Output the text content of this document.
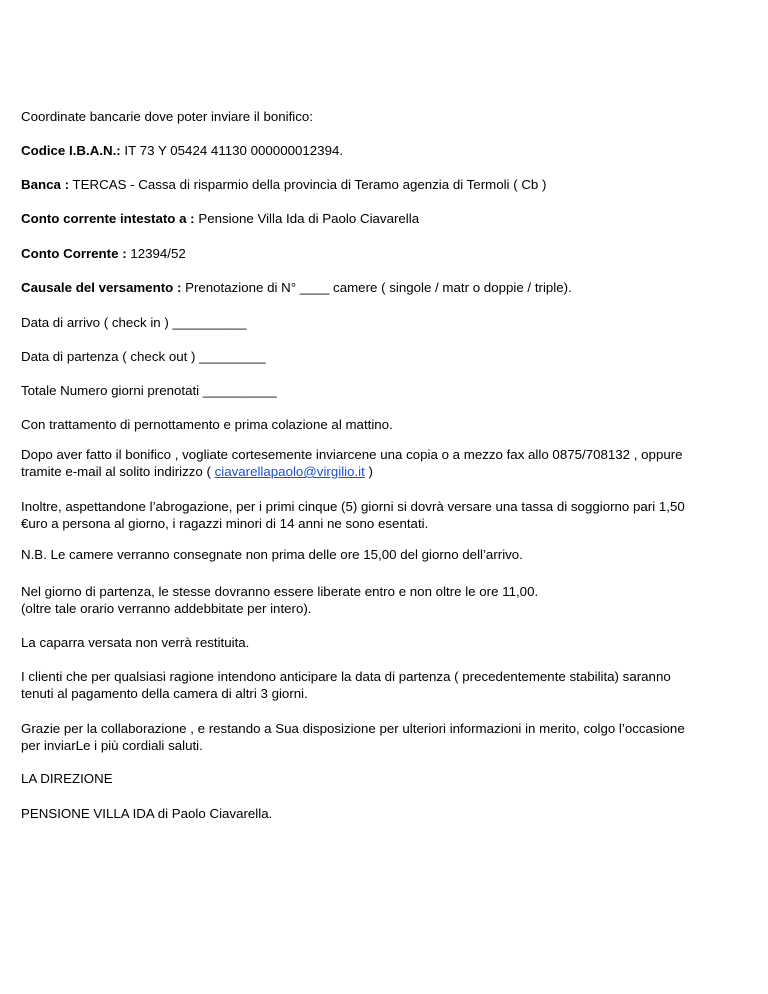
Coordinate bancarie dove poter inviare il bonifico:
Codice I.B.A.N.: IT 73 Y 05424 41130 000000012394.
Banca : TERCAS - Cassa di risparmio della provincia di Teramo agenzia di Termoli ( Cb )
Conto corrente intestato a : Pensione Villa Ida di Paolo Ciavarella
Conto Corrente : 12394/52
Causale del versamento : Prenotazione di N° ____ camere ( singole / matr o doppie / triple).
Data di arrivo ( check in ) __________
Data di partenza ( check out ) _________
Totale Numero giorni prenotati __________
Con trattamento di pernottamento e prima colazione al mattino.
Dopo aver fatto il bonifico , vogliate cortesemente inviarcene una copia o a mezzo fax allo 0875/708132 , oppure
tramite e-mail al solito indirizzo ( ciavarellapaolo@virgilio.it )
Inoltre, aspettandone l’abrogazione, per i primi cinque (5) giorni si dovrà versare una tassa di soggiorno pari 1,50
€uro a persona al giorno, i ragazzi minori di 14 anni ne sono esentati.
N.B. Le camere verranno consegnate non prima delle ore 15,00 del giorno dell’arrivo.
Nel giorno di partenza, le stesse dovranno essere liberate entro e non oltre le ore 11,00.
(oltre tale orario verranno addebbitate per intero).
La caparra versata non verrà restituita.
I clienti che per qualsiasi ragione intendono anticipare la data di partenza ( precedentemente stabilita) saranno
tenuti al pagamento della camera di altri 3 giorni.
Grazie per la collaborazione , e restando a Sua disposizione per ulteriori informazioni in merito, colgo l’occasione
per inviarLe i più cordiali saluti.
LA DIREZIONE
PENSIONE VILLA IDA di Paolo Ciavarella.
